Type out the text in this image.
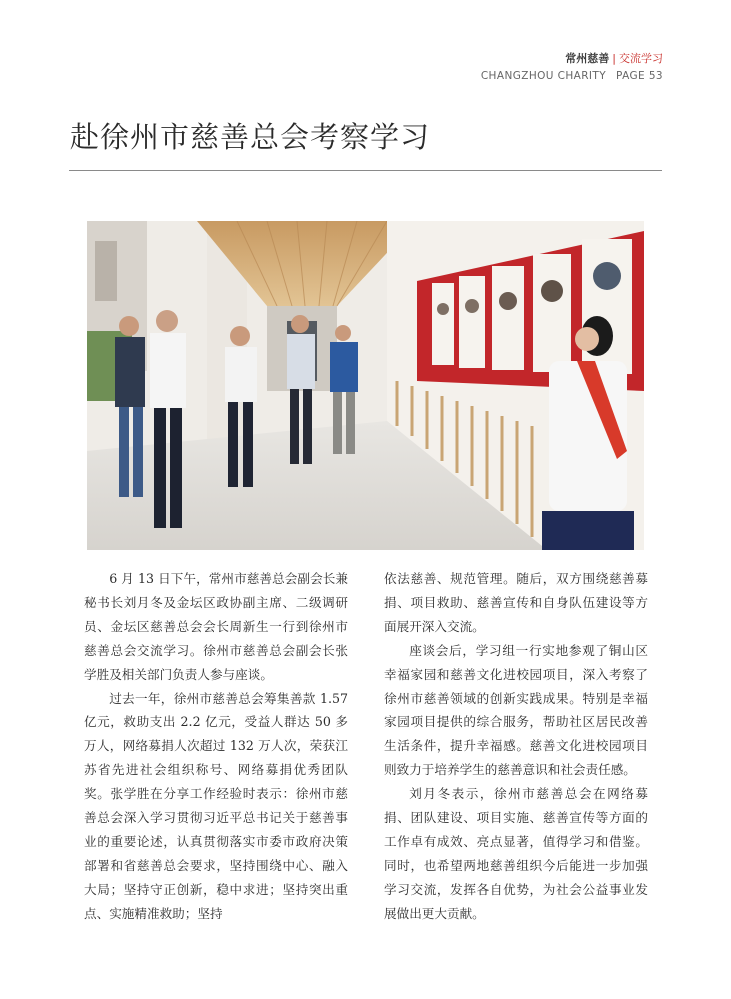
常州慈善 | 交流学习
CHANGZHOU CHARITY PAGE 53
赴徐州市慈善总会考察学习

6 月 13 日下午，常州市慈善总会副会长兼秘书长刘月冬及金坛区政协副主席、二级调研员、金坛区慈善总会会长周新生一行到徐州市慈善总会交流学习。徐州市慈善总会副会长张学胜及相关部门负责人参与座谈。

过去一年，徐州市慈善总会筹集善款 1.57 亿元，救助支出 2.2 亿元，受益人群达 50 多万人，网络募捐人次超过 132 万人次，荣获江苏省先进社会组织称号、网络募捐优秀团队奖。张学胜在分享工作经验时表示：徐州市慈善总会深入学习贯彻习近平总书记关于慈善事业的重要论述，认真贯彻落实市委市政府决策部署和省慈善总会要求，坚持围绕中心、融入大局；坚持守正创新，稳中求进；坚持突出重点、实施精准救助；坚持

依法慈善、规范管理。随后，双方围绕慈善募捐、项目救助、慈善宣传和自身队伍建设等方面展开深入交流。

座谈会后，学习组一行实地参观了铜山区幸福家园和慈善文化进校园项目，深入考察了徐州市慈善领域的创新实践成果。特别是幸福家园项目提供的综合服务，帮助社区居民改善生活条件，提升幸福感。慈善文化进校园项目则致力于培养学生的慈善意识和社会责任感。

刘月冬表示，徐州市慈善总会在网络募捐、团队建设、项目实施、慈善宣传等方面的工作卓有成效、亮点显著，值得学习和借鉴。同时，也希望两地慈善组织今后能进一步加强学习交流，发挥各自优势，为社会公益事业发展做出更大贡献。
